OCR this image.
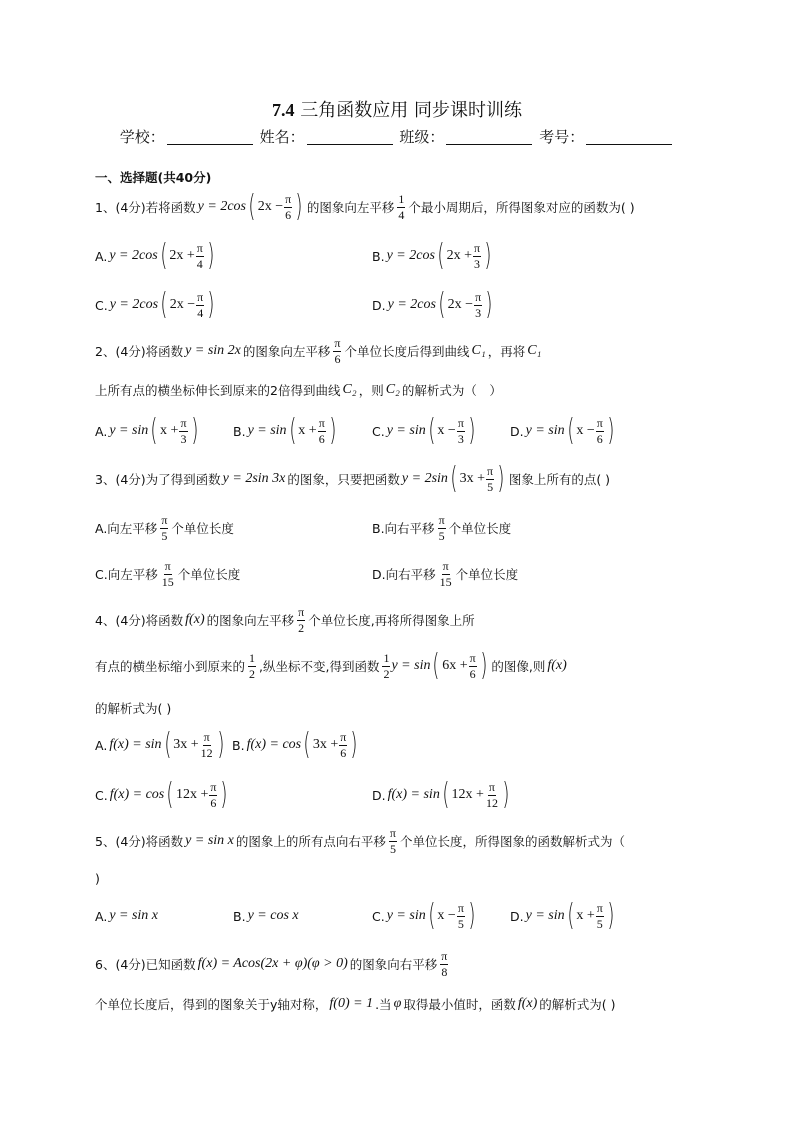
7.4 三角函数应用 同步课时训练
学校：	姓名：	班级：	考号：
一、选择题(共40分)
1、(4分)若将函数 y = 2cos ( $2x - \frac{\pi}{6}$
) 的图象向左平移 $\frac{1}{4}$ 个最小周期后，所得图象对应的函数为( )
A. y = 2cos ( $2x + \frac{\pi}{4}$
)	B. y = 2cos ( $2x + \frac{\pi}{3}$
)
C. y = 2cos ( $2x - \frac{\pi}{4}$
)	D. y = 2cos ( $2x - \frac{\pi}{3}$
)
2、(4分)将函数 y = sin 2x 的图象向左平移 $\frac{\pi}{6}$ 个单位长度后得到曲线 C₁ ，再将 C₁
上所有点的横坐标伸长到原来的2倍得到曲线 C₂ ，则 C₂ 的解析式为（　）
A. y = sin ( $x + \frac{\pi}{3}$
)	B. y = sin ( $x + \frac{\pi}{6}$
)	C. y = sin ( $x - \frac{\pi}{3}$
)	D. y = sin ( $x - \frac{\pi}{6}$
)
3、(4分)为了得到函数 y = 2sin 3x 的图象，只要把函数 y = 2sin ( $3x + \frac{\pi}{5}$
) 图象上所有的点( )
A.向左平移 $\frac{\pi}{5}$ 个单位长度	B.向右平移 $\frac{\pi}{5}$ 个单位长度
C.向左平移 $\frac{\pi}{15}$ 个单位长度	D.向右平移 $\frac{\pi}{15}$ 个单位长度
4、(4分)将函数 f(x) 的图象向左平移 $\frac{\pi}{2}$ 个单位长度,再将所得图象上所
有点的横坐标缩小到原来的 $\frac{1}{2}$ ,纵坐标不变,得到函数 $\frac{1}{2}$ y = sin ( $6x + \frac{\pi}{6}$
) 的图像,则 f(x)
的解析式为( )
A. f(x) = sin ( $3x + \frac{\pi}{12}$
) B. f(x) = cos ( $3x + \frac{\pi}{6}$
)
C. f(x) = cos ( $12x + \frac{\pi}{6}$
)	D. f(x) = sin ( $12x + \frac{\pi}{12}$
)
5、(4分)将函数 y = sin x 的图象上的所有点向右平移 $\frac{\pi}{5}$ 个单位长度，所得图象的函数解析式为（
)
A. y = sin x	B. y = cos x	C. y = sin ( $x - \frac{\pi}{5}$
)	D. y = sin ( $x + \frac{\pi}{5}$
)
6、(4分)已知函数 f(x) = Acos(2x + φ)(φ > 0) 的图象向右平移 $\frac{\pi}{8}$
个单位长度后，得到的图象关于y轴对称， f(0) = 1 .当 φ 取得最小值时，函数 f(x) 的解析式为( )
